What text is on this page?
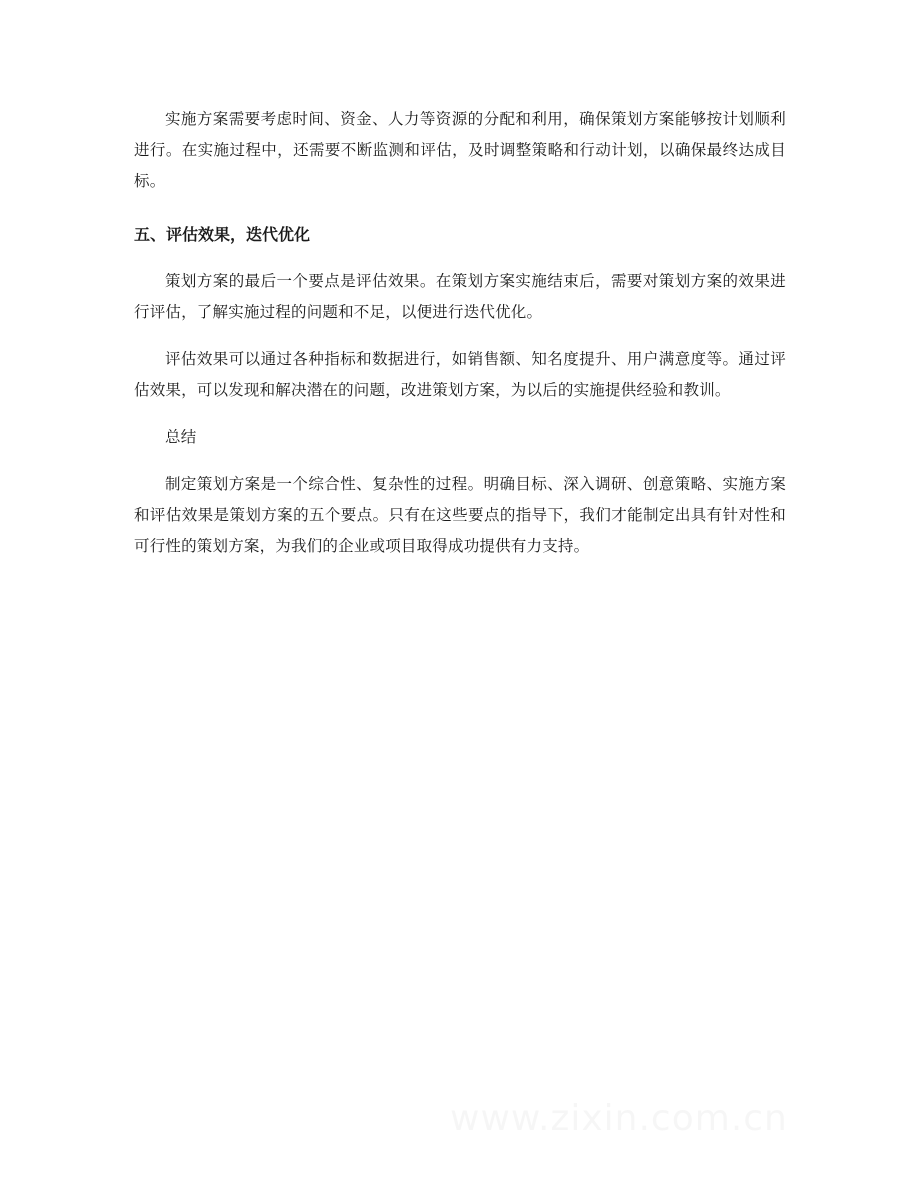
实施方案需要考虑时间、资金、人力等资源的分配和利用，确保策划方案能够按计划顺利进行。在实施过程中，还需要不断监测和评估，及时调整策略和行动计划，以确保最终达成目标。

五、评估效果，迭代优化

策划方案的最后一个要点是评估效果。在策划方案实施结束后，需要对策划方案的效果进行评估，了解实施过程的问题和不足，以便进行迭代优化。

评估效果可以通过各种指标和数据进行，如销售额、知名度提升、用户满意度等。通过评估效果，可以发现和解决潜在的问题，改进策划方案，为以后的实施提供经验和教训。

总结

制定策划方案是一个综合性、复杂性的过程。明确目标、深入调研、创意策略、实施方案和评估效果是策划方案的五个要点。只有在这些要点的指导下，我们才能制定出具有针对性和可行性的策划方案，为我们的企业或项目取得成功提供有力支持。
